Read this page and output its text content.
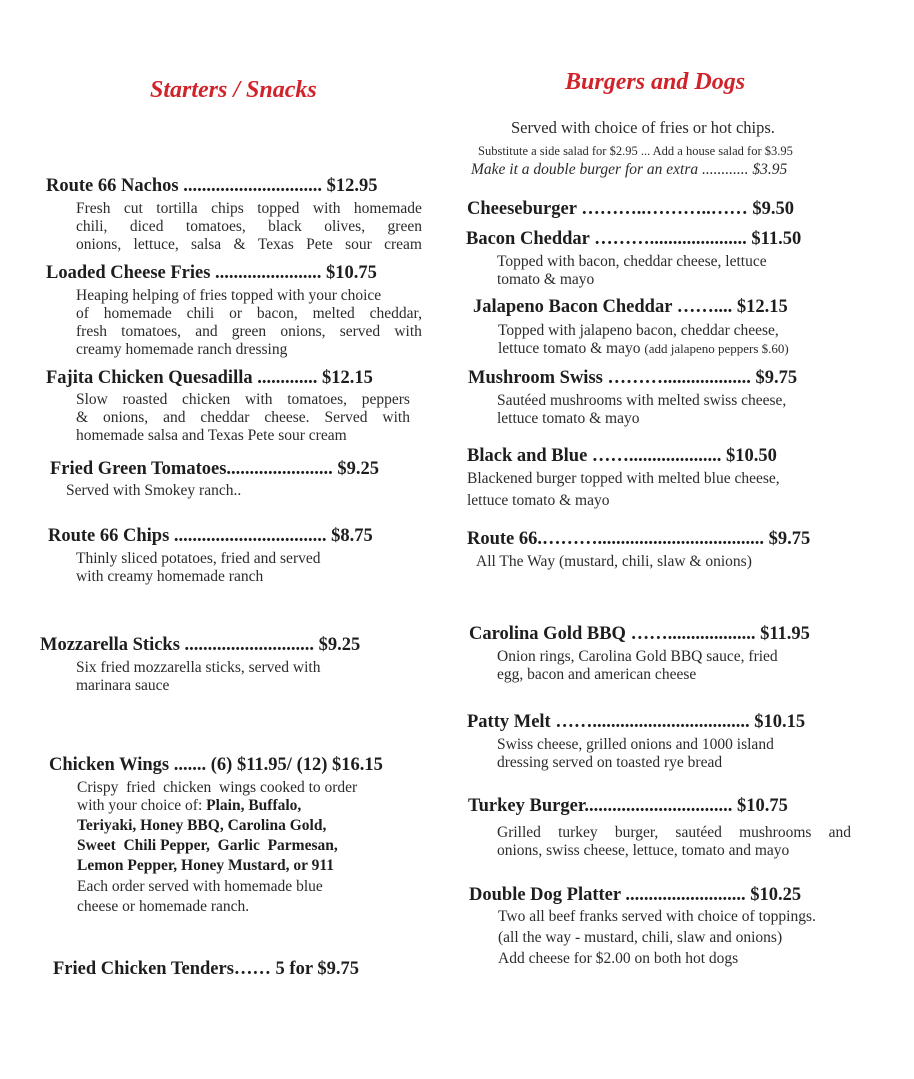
Starters / Snacks
Route 66 Nachos .............................. $12.95
Fresh cut tortilla chips topped with homemade
chili, diced tomatoes, black olives, green
onions, lettuce, salsa & Texas Pete sour cream
Loaded Cheese Fries ....................... $10.75
Heaping helping of fries topped with your choice
of homemade chili or bacon, melted cheddar,
fresh tomatoes, and green onions, served with
creamy homemade ranch dressing
Fajita Chicken Quesadilla ............. $12.15
Slow roasted chicken with tomatoes, peppers
& onions, and cheddar cheese. Served with
homemade salsa and Texas Pete sour cream
Fried Green Tomatoes....................... $9.25
Served with Smokey ranch..
Route 66 Chips ................................. $8.75
Thinly sliced potatoes, fried and served
with creamy homemade ranch
Mozzarella Sticks ............................ $9.25
Six fried mozzarella sticks, served with
marinara sauce
Chicken Wings ....... (6) $11.95/ (12) $16.15
Crispy  fried  chicken  wings cooked to order
with your choice of: Plain, Buffalo,
Teriyaki, Honey BBQ, Carolina Gold,
Sweet  Chili Pepper,  Garlic  Parmesan,
Lemon Pepper, Honey Mustard, or 911
Each order served with homemade blue
cheese or homemade ranch.
Fried Chicken Tenders…… 5 for $9.75
Burgers and Dogs
Served with choice of fries or hot chips.
Substitute a side salad for $2.95 ... Add a house salad for $3.95
Make it a double burger for an extra ............ $3.95
Cheeseburger ………..………..…… $9.50
Bacon Cheddar ………..................... $11.50
Topped with bacon, cheddar cheese, lettuce
tomato & mayo
Jalapeno Bacon Cheddar …….... $12.15
Topped with jalapeno bacon, cheddar cheese,
lettuce tomato & mayo (add jalapeno peppers $.60)
Mushroom Swiss ………................... $9.75
Sautéed mushrooms with melted swiss cheese,
lettuce tomato & mayo
Black and Blue …….................... $10.50
Blackened burger topped with melted blue cheese,
lettuce tomato & mayo
Route 66.……….................................... $9.75
All The Way (mustard, chili, slaw & onions)
Carolina Gold BBQ ……................... $11.95
Onion rings, Carolina Gold BBQ sauce, fried
egg, bacon and american cheese
Patty Melt …….................................. $10.15
Swiss cheese, grilled onions and 1000 island
dressing served on toasted rye bread
Turkey Burger................................ $10.75
Grilled turkey burger, sautéed mushrooms and
onions, swiss cheese, lettuce, tomato and mayo
Double Dog Platter .......................... $10.25
Two all beef franks served with choice of toppings.
(all the way - mustard, chili, slaw and onions)
Add cheese for $2.00 on both hot dogs
